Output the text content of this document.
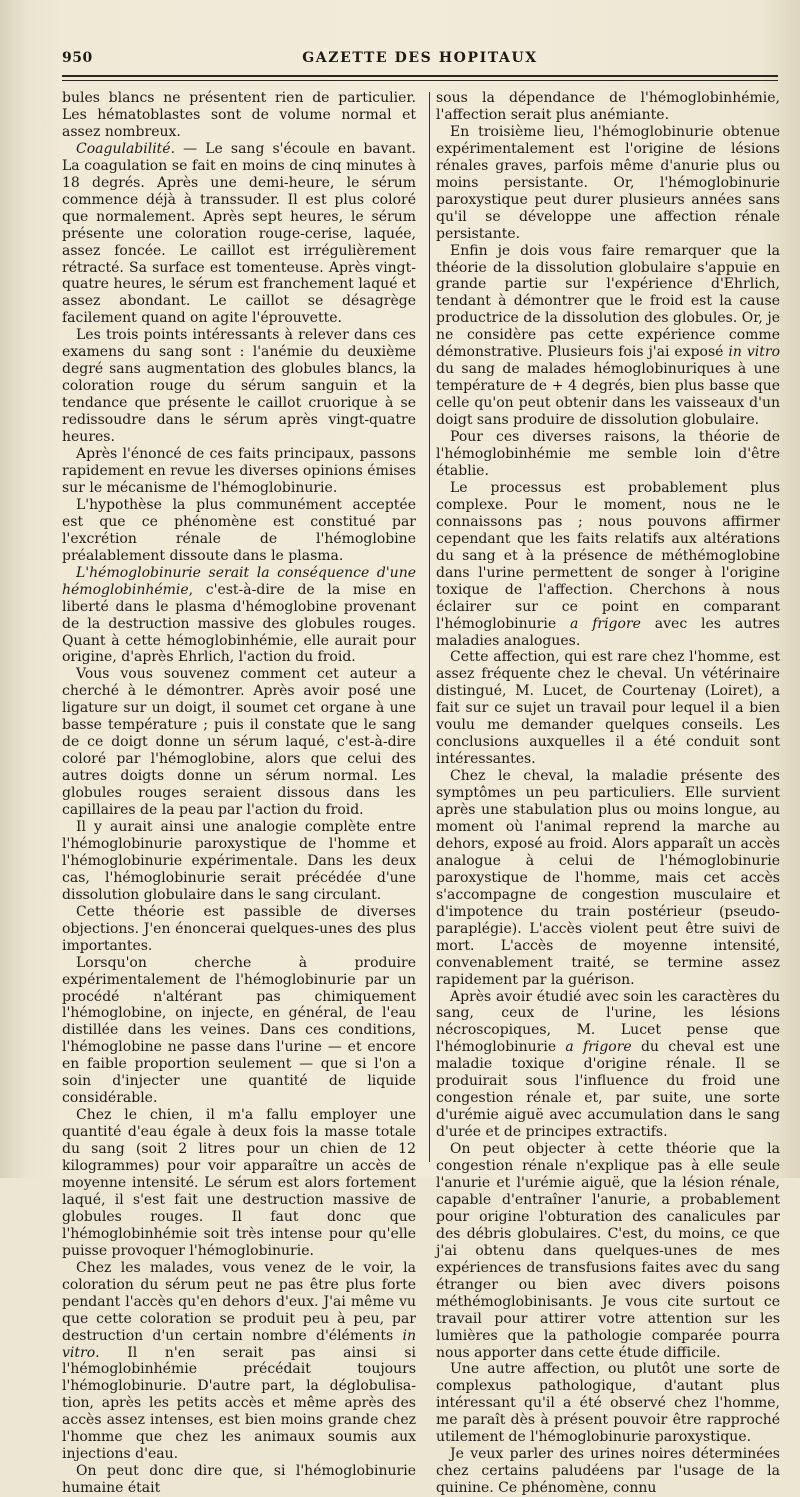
950	GAZETTE DES HOPITAUX

bules blancs ne présentent rien de particulier. Les hématoblastes sont de volume normal et assez nombreux.

Coagulabilité. — Le sang s'écoule en bavant. La coagulation se fait en moins de cinq minutes à 18 degrés. Après une demi-heure, le sérum commence déjà à transsuder. Il est plus coloré que normalement. Après sept heures, le sérum présente une coloration rouge-cerise, laquée, assez foncée. Le caillot est irrégulièrement rétracté. Sa surface est tomenteuse. Après vingt-quatre heures, le sérum est franchement laqué et assez abondant. Le caillot se désagrège facilement quand on agite l'éprouvette.

Les trois points intéressants à relever dans ces examens du sang sont : l'anémie du deuxième degré sans augmentation des globules blancs, la coloration rouge du sérum sanguin et la tendance que présente le caillot cruorique à se redissoudre dans le sérum après vingt-quatre heures.

Après l'énoncé de ces faits principaux, passons rapidement en revue les diverses opinions émises sur le mécanisme de l'hémoglobinurie.

L'hypothèse la plus communément acceptée est que ce phénomène est constitué par l'excrétion rénale de l'hémoglobine préalablement dissoute dans le plasma.

L'hémoglobinurie serait la conséquence d'une hémoglobinhémie, c'est-à-dire de la mise en liberté dans le plasma d'hémoglobine provenant de la destruction massive des globules rouges. Quant à cette hémoglobinhémie, elle aurait pour origine, d'après Ehrlich, l'action du froid.

Vous vous souvenez comment cet auteur a cherché à le démontrer. Après avoir posé une ligature sur un doigt, il soumet cet organe à une basse température ; puis il constate que le sang de ce doigt donne un sérum laqué, c'est-à-dire coloré par l'hémoglobine, alors que celui des autres doigts donne un sérum normal. Les globules rouges seraient dissous dans les capillaires de la peau par l'action du froid.

Il y aurait ainsi une analogie complète entre l'hémoglobinurie paroxystique de l'homme et l'hémoglobinurie expérimentale. Dans les deux cas, l'hémoglobinurie serait précédée d'une dissolution globulaire dans le sang circulant.

Cette théorie est passible de diverses objections. J'en énoncerai quelques-unes des plus importantes.

Lorsqu'on cherche à produire expérimentalement de l'hémoglobinurie par un procédé n'altérant pas chimiquement l'hémoglobine, on injecte, en général, de l'eau distillée dans les veines. Dans ces conditions, l'hémoglobine ne passe dans l'urine — et encore en faible proportion seulement — que si l'on a soin d'injecter une quantité de liquide considérable.

Chez le chien, il m'a fallu employer une quantité d'eau égale à deux fois la masse totale du sang (soit 2 litres pour un chien de 12 kilogrammes) pour voir apparaître un accès de moyenne intensité. Le sérum est alors fortement laqué, il s'est fait une destruction massive de globules rouges. Il faut donc que l'hémoglobinhémie soit très intense pour qu'elle puisse provoquer l'hémoglobinurie.

Chez les malades, vous venez de le voir, la coloration du sérum peut ne pas être plus forte pendant l'accès qu'en dehors d'eux. J'ai même vu que cette coloration se produit peu à peu, par destruction d'un certain nombre d'éléments in vitro. Il n'en serait pas ainsi si l'hémoglobinhémie précédait toujours l'hémoglobinurie. D'autre part, la déglobulisation, après les petits accès et même après des accès assez intenses, est bien moins grande chez l'homme que chez les animaux soumis aux injections d'eau.

On peut donc dire que, si l'hémoglobinurie humaine était

sous la dépendance de l'hémoglobinhémie, l'affection serait plus anémiante.

En troisième lieu, l'hémoglobinurie obtenue expérimentalement est l'origine de lésions rénales graves, parfois même d'anurie plus ou moins persistante. Or, l'hémoglobinurie paroxystique peut durer plusieurs années sans qu'il se développe une affection rénale persistante.

Enfin je dois vous faire remarquer que la théorie de la dissolution globulaire s'appuie en grande partie sur l'expérience d'Ehrlich, tendant à démontrer que le froid est la cause productrice de la dissolution des globules. Or, je ne considère pas cette expérience comme démonstrative. Plusieurs fois j'ai exposé in vitro du sang de malades hémoglobinuriques à une température de + 4 degrés, bien plus basse que celle qu'on peut obtenir dans les vaisseaux d'un doigt sans produire de dissolution globulaire.

Pour ces diverses raisons, la théorie de l'hémoglobinhémie me semble loin d'être établie.

Le processus est probablement plus complexe. Pour le moment, nous ne le connaissons pas ; nous pouvons affirmer cependant que les faits relatifs aux altérations du sang et à la présence de méthémoglobine dans l'urine permettent de songer à l'origine toxique de l'affection. Cherchons à nous éclairer sur ce point en comparant l'hémoglobinurie a frigore avec les autres maladies analogues.

Cette affection, qui est rare chez l'homme, est assez fréquente chez le cheval. Un vétérinaire distingué, M. Lucet, de Courtenay (Loiret), a fait sur ce sujet un travail pour lequel il a bien voulu me demander quelques conseils. Les conclusions auxquelles il a été conduit sont intéressantes.

Chez le cheval, la maladie présente des symptômes un peu particuliers. Elle survient après une stabulation plus ou moins longue, au moment où l'animal reprend la marche au dehors, exposé au froid. Alors apparaît un accès analogue à celui de l'hémoglobinurie paroxystique de l'homme, mais cet accès s'accompagne de congestion musculaire et d'impotence du train postérieur (pseudo-paraplégie). L'accès violent peut être suivi de mort. L'accès de moyenne intensité, convenablement traité, se termine assez rapidement par la guérison.

Après avoir étudié avec soin les caractères du sang, ceux de l'urine, les lésions nécroscopiques, M. Lucet pense que l'hémoglobinurie a frigore du cheval est une maladie toxique d'origine rénale. Il se produirait sous l'influence du froid une congestion rénale et, par suite, une sorte d'urémie aiguë avec accumulation dans le sang d'urée et de principes extractifs.

On peut objecter à cette théorie que la congestion rénale n'explique pas à elle seule l'anurie et l'urémie aiguë, que la lésion rénale, capable d'entraîner l'anurie, a probablement pour origine l'obturation des canalicules par des débris globulaires. C'est, du moins, ce que j'ai obtenu dans quelques-unes de mes expériences de transfusions faites avec du sang étranger ou bien avec divers poisons méthémoglobinisants. Je vous cite surtout ce travail pour attirer votre attention sur les lumières que la pathologie comparée pourra nous apporter dans cette étude difficile.

Une autre affection, ou plutôt une sorte de complexus pathologique, d'autant plus intéressant qu'il a été observé chez l'homme, me paraît dès à présent pouvoir être rapproché utilement de l'hémoglobinurie paroxystique.

Je veux parler des urines noires déterminées chez certains paludéens par l'usage de la quinine. Ce phénomène, connu
